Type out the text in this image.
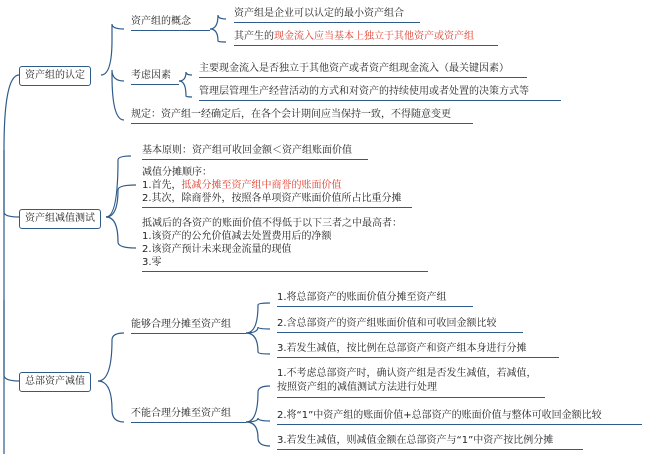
资产组的认定
资产组的概念
资产组是企业可以认定的最小资产组合
其产生的现金流入应当基本上独立于其他资产或资产组
考虑因素
主要现金流入是否独立于其他资产或者资产组现金流入（最关键因素）
管理层管理生产经营活动的方式和对资产的持续使用或者处置的决策方式等
规定：资产组一经确定后，在各个会计期间应当保持一致，不得随意变更
资产组减值测试
基本原则：资产组可收回金额＜资产组账面价值
减值分摊顺序：
1.首先，抵减分摊至资产组中商誉的账面价值
2.其次，除商誉外，按照各单项资产账面价值所占比重分摊
抵减后的各资产的账面价值不得低于以下三者之中最高者：
1.该资产的公允价值减去处置费用后的净额
2.该资产预计未来现金流量的现值
3.零
总部资产减值
能够合理分摊至资产组
1.将总部资产的账面价值分摊至资产组
2.含总部资产的资产组账面价值和可收回金额比较
3.若发生减值，按比例在总部资产和资产组本身进行分摊
不能合理分摊至资产组
1.不考虑总部资产时，确认资产组是否发生减值，若减值，按照资产组的减值测试方法进行处理
2.将“1”中资产组的账面价值+总部资产的账面价值与整体可收回金额比较
3.若发生减值，则减值金额在总部资产与“1”中资产按比例分摊
